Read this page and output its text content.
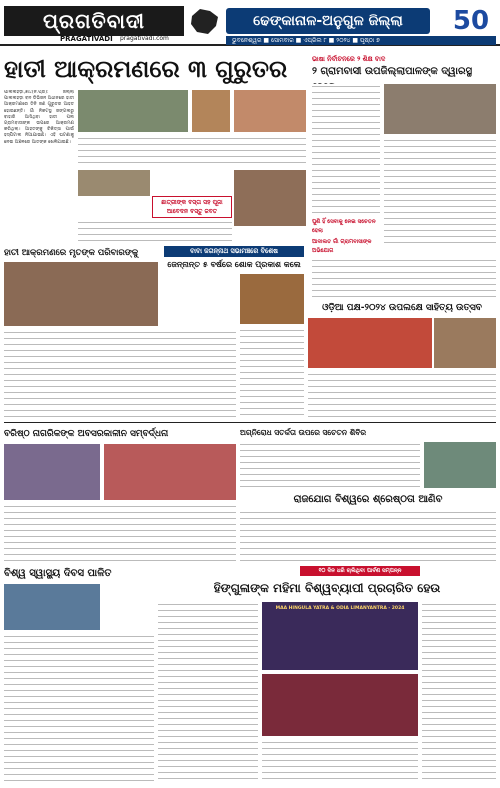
ପ୍ରଗତିବାଦୀ
PRAGATIVADI pragativadi.com
ଢେଙ୍କାନାଳ-ଅନୁଗୁଳ ଜିଲ୍ଲା	50
ଭୁବନେଶ୍ୱର ■ ସୋମବାର ■ ଏପ୍ରିଲ ୮ ■ ୨୦୨୪ ■ ପୃଷ୍ଠା ୭
ହାତୀ ଆକ୍ରମଣରେ ୩ ଗୁରୁତର
ପାଲଲହଡ଼ା,୭ା୪(ନି.ପ୍ର): ଜିଲ୍ଲା ପାଲଲହଡ଼ା ବନ ଡିଭିଜନ ଅଧୀନରେ ହାତୀ ଆକ୍ରମଣରେ ତିନି ଜଣ ଗୁରୁତର ଆହତ ହୋଇଛନ୍ତି। ଗାଁ ନିକଟସ୍ଥ ଜଙ୍ଗଲରୁ ବାହାରି ଆସିଥିବା ହାତୀ ପଲ ଗ୍ରାମବାସୀଙ୍କ ଉପରେ ଆକ୍ରମଣ କରିଥିଲା। ଆହତଙ୍କୁ ଚିକିତ୍ସା ପାଇଁ ହସ୍ପିଟାଲ ନିଆଯାଇଛି। ଏହି ଘଟଣାକୁ ନେଇ ଅଞ୍ଚଳରେ ଆତଙ୍କ ଖେଳିଯାଇଛି।
ଛାତ୍ରୀଙ୍କ ବସ୍ତା ସହ ପୂଜା ଆବେଦନ ବସ୍ତୁ ଜବତ
ହାତୀ ଆକ୍ରମଣରେ ମୃତଙ୍କ ପରିବାରଙ୍କୁ	ବାବା ଜଗନ୍ନାଥ ସଭାମଞ୍ଚରେ ବିଶେଷ
ଜେନ୍ନାନ୍ତ ୫ ବର୍ଷରେ ଶୋକ ପ୍ରକାଶ କଲେ
ଭାଷା ନିର୍ବାଚନରେ ୨ ଶିକ୍ଷ ବାଦ
୨ ଗ୍ରାମବାସୀ ଉପଜିଲ୍ଲାପାଳଙ୍କ ଦ୍ୱାରସ୍ଥ
ପୁଣି ହିଁ ସେବାକୁ ନେଇ ସଚେତନ ହେଲା
ଆଦାଲତ ଗାଁ ଗ୍ରାମବାସୀଙ୍କ ଅଭିଯୋଗ
ଓଡ଼ିଆ ପକ୍ଷ-୨୦୨୪ ଉପଲକ୍ଷେ ସାହିତ୍ୟ ଉତ୍ସବ
ବରିଷ୍ଠ ନାଗରିକଙ୍କ ଅବସରକାଳୀନ ସମ୍ବର୍ଦ୍ଧନା	ଅଗ୍ନିରୋଧ ସତର୍କତା ଉପରେ ସଚେତନ ଶିବିର
ରାଜଯୋଗ ବିଶ୍ୱରେ ଶ୍ରେଷ୍ଠତା ଆଣିବ
ବିଶ୍ୱ ସ୍ୱାସ୍ଥ୍ୟ ଦିବସ ପାଳିତ	୧୦ ଦିନ ଧରି ଚାଲିଥିବା ପାର୍ବଣ ସମ୍ପନ୍ନ
ହିଙ୍ଗୁଳାଙ୍କ ମହିମା ବିଶ୍ୱବ୍ୟାପୀ ପ୍ରଚାରିତ ହେଉ
MAA HINGULA YATRA & ODIA LIMANYANTRA - 2024
